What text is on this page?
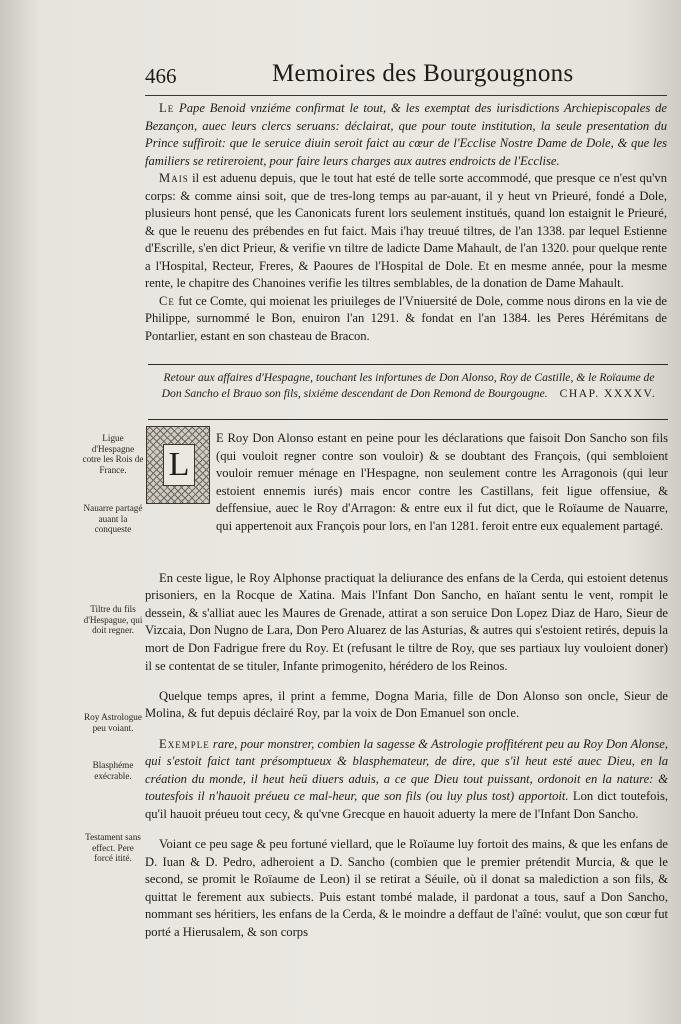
466	Memoires des Bourgougnons

Le Pape Benoid vnziéme confirmat le tout, & les exemptat des iurisdictions Archiepiscopales de Bezançon, auec leurs clercs seruans: déclairat, que pour toute institution, la seule presentation du Prince suffiroit: que le seruice diuin seroit faict au cœur de l'Ecclise Nostre Dame de Dole, & que les familiers se retireroient, pour faire leurs charges aux autres endroicts de l'Ecclise.

Mais il est aduenu depuis, que le tout hat esté de telle sorte accommodé, que presque ce n'est qu'vn corps: & comme ainsi soit, que de tres-long temps au par-auant, il y heut vn Prieuré, fondé a Dole, plusieurs hont pensé, que les Canonicats furent lors seulement institués, quand lon estaignit le Prieuré, & que le reuenu des prébendes en fut faict. Mais i'hay treuué tiltres, de l'an 1338. par lequel Estienne d'Escrille, s'en dict Prieur, & verifie vn tiltre de ladicte Dame Mahault, de l'an 1320. pour quelque rente a l'Hospital, Recteur, Freres, & Paoures de l'Hospital de Dole. Et en mesme année, pour la mesme rente, le chapitre des Chanoines verifie les tiltres semblables, de la donation de Dame Mahault.

Ce fut ce Comte, qui moienat les priuileges de l'Vniuersité de Dole, comme nous dirons en la vie de Philippe, surnommé le Bon, enuiron l'an 1291. & fondat en l'an 1384. les Peres Hérémitans de Pontarlier, estant en son chasteau de Bracon.

Retour aux affaires d'Hespagne, touchant les infortunes de Don Alonso, Roy de Castille, & le Roïaume de Don Sancho el Brauo son fils, sixiéme descendant de Don Remond de Bourgougne. CHAP. XXXXV.
Ligue d'Hespagne cotre les Rois de France.
Nauarre partagé auant la conqueste
Tiltre du fils d'Hespague, qui doit regner.
Roy Astrologue peu voiant.
Blasphéme exécrable.
Testament sans effect. Pere forcé itité.
L
E Roy Don Alonso estant en peine pour les déclarations que faisoit Don Sancho son fils (qui vouloit regner contre son vouloir) & se doubtant des François, (qui sembloient vouloir remuer ménage en l'Hespagne, non seulement contre les Arragonois (qui leur estoient ennemis iurés) mais encor contre les Castillans, feit ligue offensiue, & deffensiue, auec le Roy d'Arragon: & entre eux il fut dict, que le Roïaume de Nauarre, qui appertenoit aux François pour lors, en l'an 1281. feroit entre eux equalement partagé.

En ceste ligue, le Roy Alphonse practiquat la deliurance des enfans de la Cerda, qui estoient detenus prisoniers, en la Rocque de Xatina. Mais l'Infant Don Sancho, en haïant sentu le vent, rompit le dessein, & s'alliat auec les Maures de Grenade, attirat a son seruice Don Lopez Diaz de Haro, Sieur de Vizcaia, Don Nugno de Lara, Don Pero Aluarez de las Asturias, & autres qui s'estoient retirés, depuis la mort de Don Fadrigue frere du Roy. Et (refusant le tiltre de Roy, que ses partiaux luy vouloient doner) il se contentat de se tituler, Infante primogenito, hérédero de los Reinos.

Quelque temps apres, il print a femme, Dogna Maria, fille de Don Alonso son oncle, Sieur de Molina, & fut depuis déclairé Roy, par la voix de Don Emanuel son oncle.

Exemple rare, pour monstrer, combien la sagesse & Astrologie proffitérent peu au Roy Don Alonse, qui s'estoit faict tant présomptueux & blasphemateur, de dire, que s'il heut esté auec Dieu, en la création du monde, il heut heü diuers aduis, a ce que Dieu tout puissant, ordonoit en la nature: & toutesfois il n'hauoit préueu ce mal-heur, que son fils (ou luy plus tost) apportoit. Lon dict toutefois, qu'il hauoit préueu tout cecy, & qu'vne Grecque en hauoit aduerty la mere de l'Infant Don Sancho.

Voiant ce peu sage & peu fortuné viellard, que le Roïaume luy fortoit des mains, & que les enfans de D. Iuan & D. Pedro, adheroient a D. Sancho (combien que le premier prétendit Murcia, & que le second, se promit le Roïaume de Leon) il se retirat a Séuile, où il donat sa malediction a son fils, & quittat le ferement aux subiects. Puis estant tombé malade, il pardonat a tous, sauf a Don Sancho, nommant ses héritiers, les enfans de la Cerda, & le moindre a deffaut de l'aîné: voulut, que son cœur fut porté a Hierusalem, & son corps
